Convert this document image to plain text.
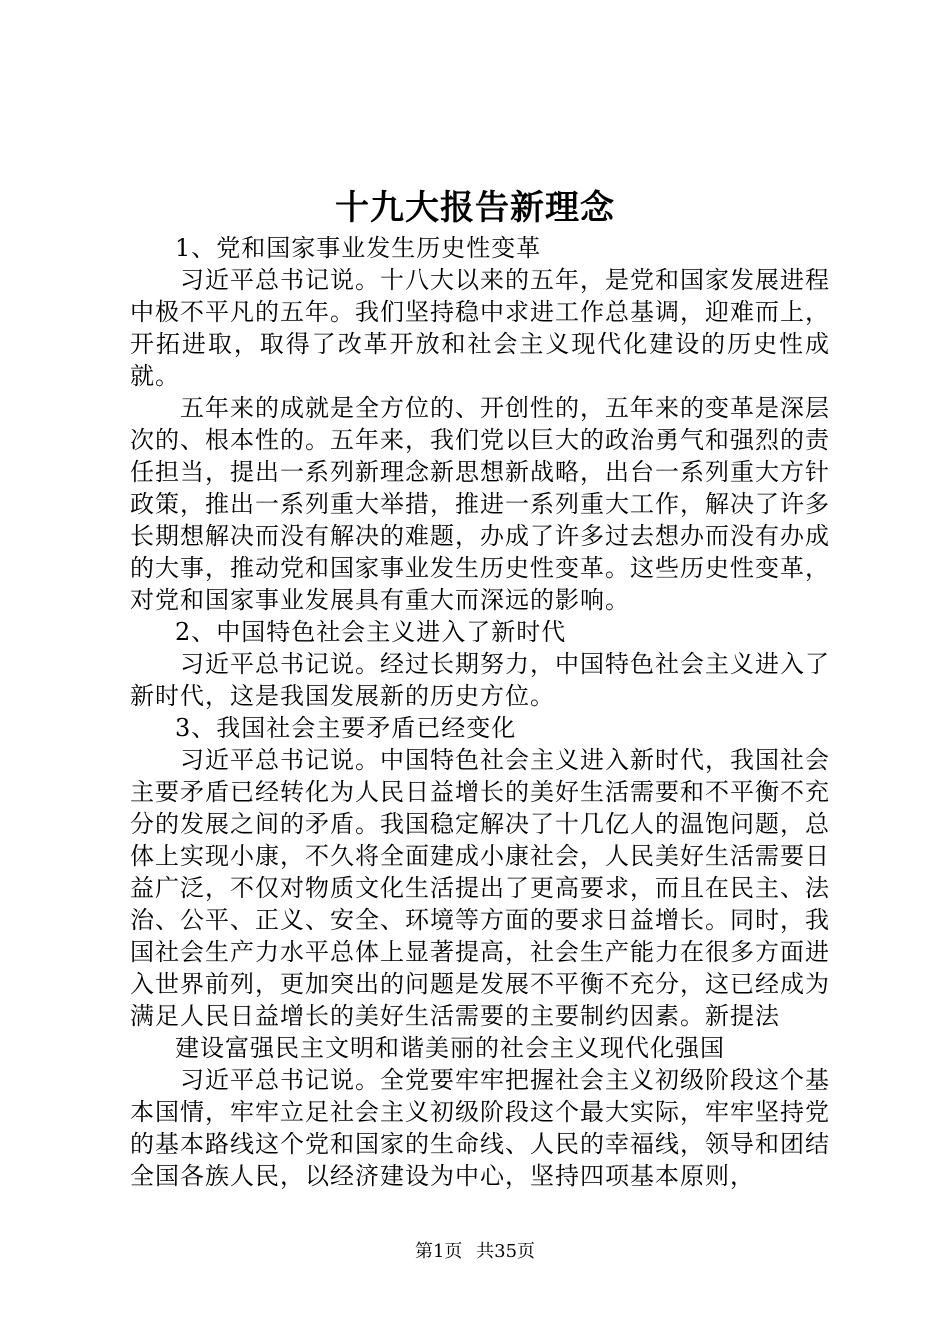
十九大报告新理念

1、党和国家事业发生历史性变革

习近平总书记说。十八大以来的五年，是党和国家发展进程中极不平凡的五年。我们坚持稳中求进工作总基调，迎难而上，开拓进取，取得了改革开放和社会主义现代化建设的历史性成就。

五年来的成就是全方位的、开创性的，五年来的变革是深层次的、根本性的。五年来，我们党以巨大的政治勇气和强烈的责任担当，提出一系列新理念新思想新战略，出台一系列重大方针政策，推出一系列重大举措，推进一系列重大工作，解决了许多长期想解决而没有解决的难题，办成了许多过去想办而没有办成的大事，推动党和国家事业发生历史性变革。这些历史性变革，对党和国家事业发展具有重大而深远的影响。

2、中国特色社会主义进入了新时代

习近平总书记说。经过长期努力，中国特色社会主义进入了新时代，这是我国发展新的历史方位。

3、我国社会主要矛盾已经变化

习近平总书记说。中国特色社会主义进入新时代，我国社会主要矛盾已经转化为人民日益增长的美好生活需要和不平衡不充分的发展之间的矛盾。我国稳定解决了十几亿人的温饱问题，总体上实现小康，不久将全面建成小康社会，人民美好生活需要日益广泛，不仅对物质文化生活提出了更高要求，而且在民主、法治、公平、正义、安全、环境等方面的要求日益增长。同时，我国社会生产力水平总体上显著提高，社会生产能力在很多方面进入世界前列，更加突出的问题是发展不平衡不充分，这已经成为满足人民日益增长的美好生活需要的主要制约因素。新提法

建设富强民主文明和谐美丽的社会主义现代化强国

习近平总书记说。全党要牢牢把握社会主义初级阶段这个基本国情，牢牢立足社会主义初级阶段这个最大实际，牢牢坚持党的基本路线这个党和国家的生命线、人民的幸福线，领导和团结全国各族人民，以经济建设为中心，坚持四项基本原则，

第1页 共35页
